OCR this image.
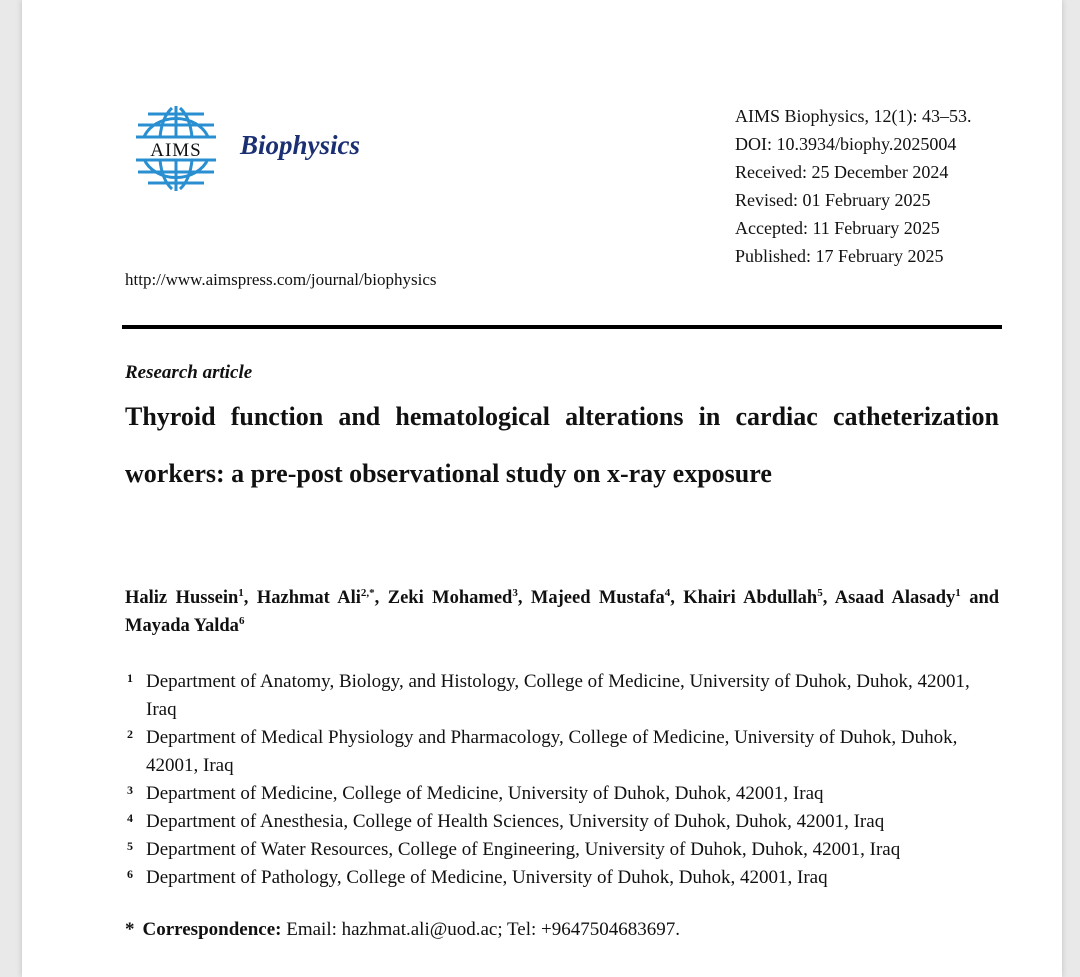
AIMS Biophysics
AIMS Biophysics, 12(1): 43–53.
DOI: 10.3934/biophy.2025004
Received: 25 December 2024
Revised: 01 February 2025
Accepted: 11 February 2025
Published: 17 February 2025
http://www.aimspress.com/journal/biophysics
Research article
Thyroid function and hematological alterations in cardiac catheterization workers: a pre-post observational study on x-ray exposure
Haliz Hussein$^1$, Hazhmat Ali$^{2,*}$, Zeki Mohamed$^3$, Majeed Mustafa$^4$, Khairi Abdullah$^5$, Asaad Alasady$^1$ and Mayada Yalda$^6$
1 Department of Anatomy, Biology, and Histology, College of Medicine, University of Duhok, Duhok, 42001, Iraq
2 Department of Medical Physiology and Pharmacology, College of Medicine, University of Duhok, Duhok, 42001, Iraq
3 Department of Medicine, College of Medicine, University of Duhok, Duhok, 42001, Iraq
4 Department of Anesthesia, College of Health Sciences, University of Duhok, Duhok, 42001, Iraq
5 Department of Water Resources, College of Engineering, University of Duhok, Duhok, 42001, Iraq
6 Department of Pathology, College of Medicine, University of Duhok, Duhok, 42001, Iraq
* Correspondence: Email: hazhmat.ali@uod.ac; Tel: +9647504683697.
